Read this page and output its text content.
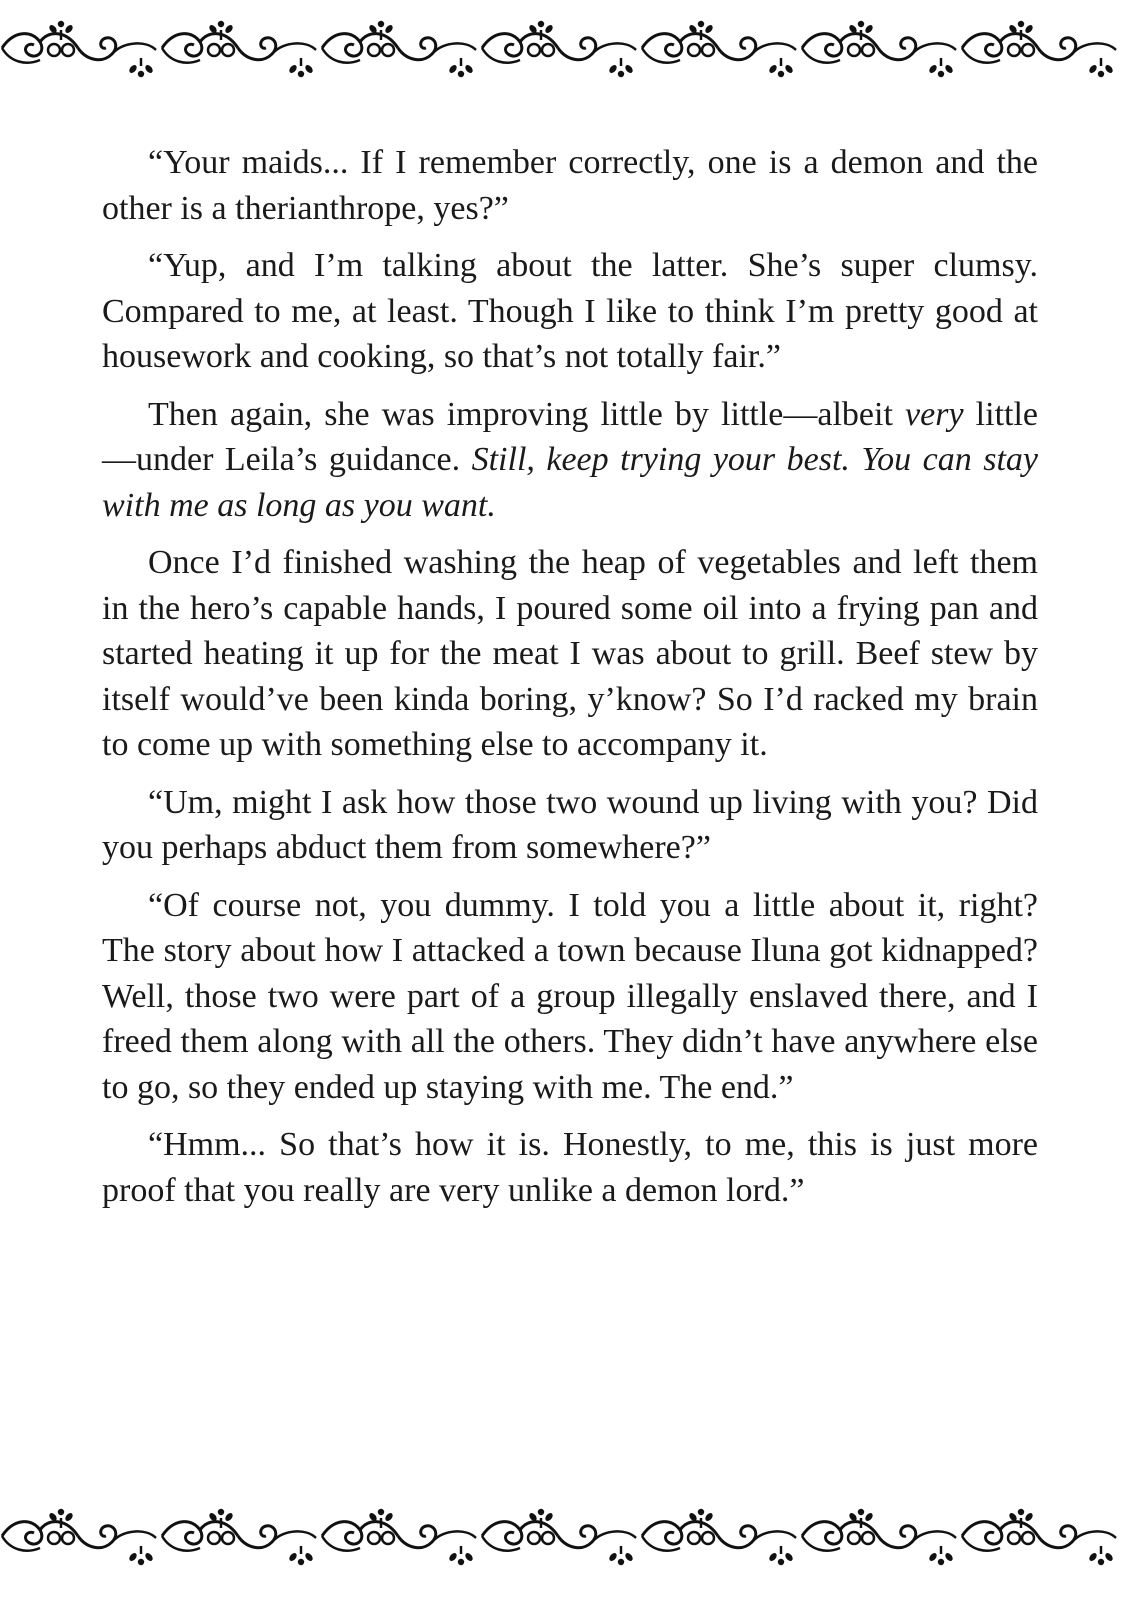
“Your maids... If I remember correctly, one is a demon and the other is a therianthrope, yes?”

“Yup, and I’m talking about the latter. She’s super clumsy. Compared to me, at least. Though I like to think I’m pretty good at housework and cooking, so that’s not totally fair.”

Then again, she was improving little by little—albeit very little—under Leila’s guidance. Still, keep trying your best. You can stay with me as long as you want.

Once I’d finished washing the heap of vegetables and left them in the hero’s capable hands, I poured some oil into a frying pan and started heating it up for the meat I was about to grill. Beef stew by itself would’ve been kinda boring, y’know? So I’d racked my brain to come up with something else to accompany it.

“Um, might I ask how those two wound up living with you? Did you perhaps abduct them from somewhere?”

“Of course not, you dummy. I told you a little about it, right? The story about how I attacked a town because Iluna got kidnapped? Well, those two were part of a group illegally enslaved there, and I freed them along with all the others. They didn’t have anywhere else to go, so they ended up staying with me. The end.”

“Hmm... So that’s how it is. Honestly, to me, this is just more proof that you really are very unlike a demon lord.”
